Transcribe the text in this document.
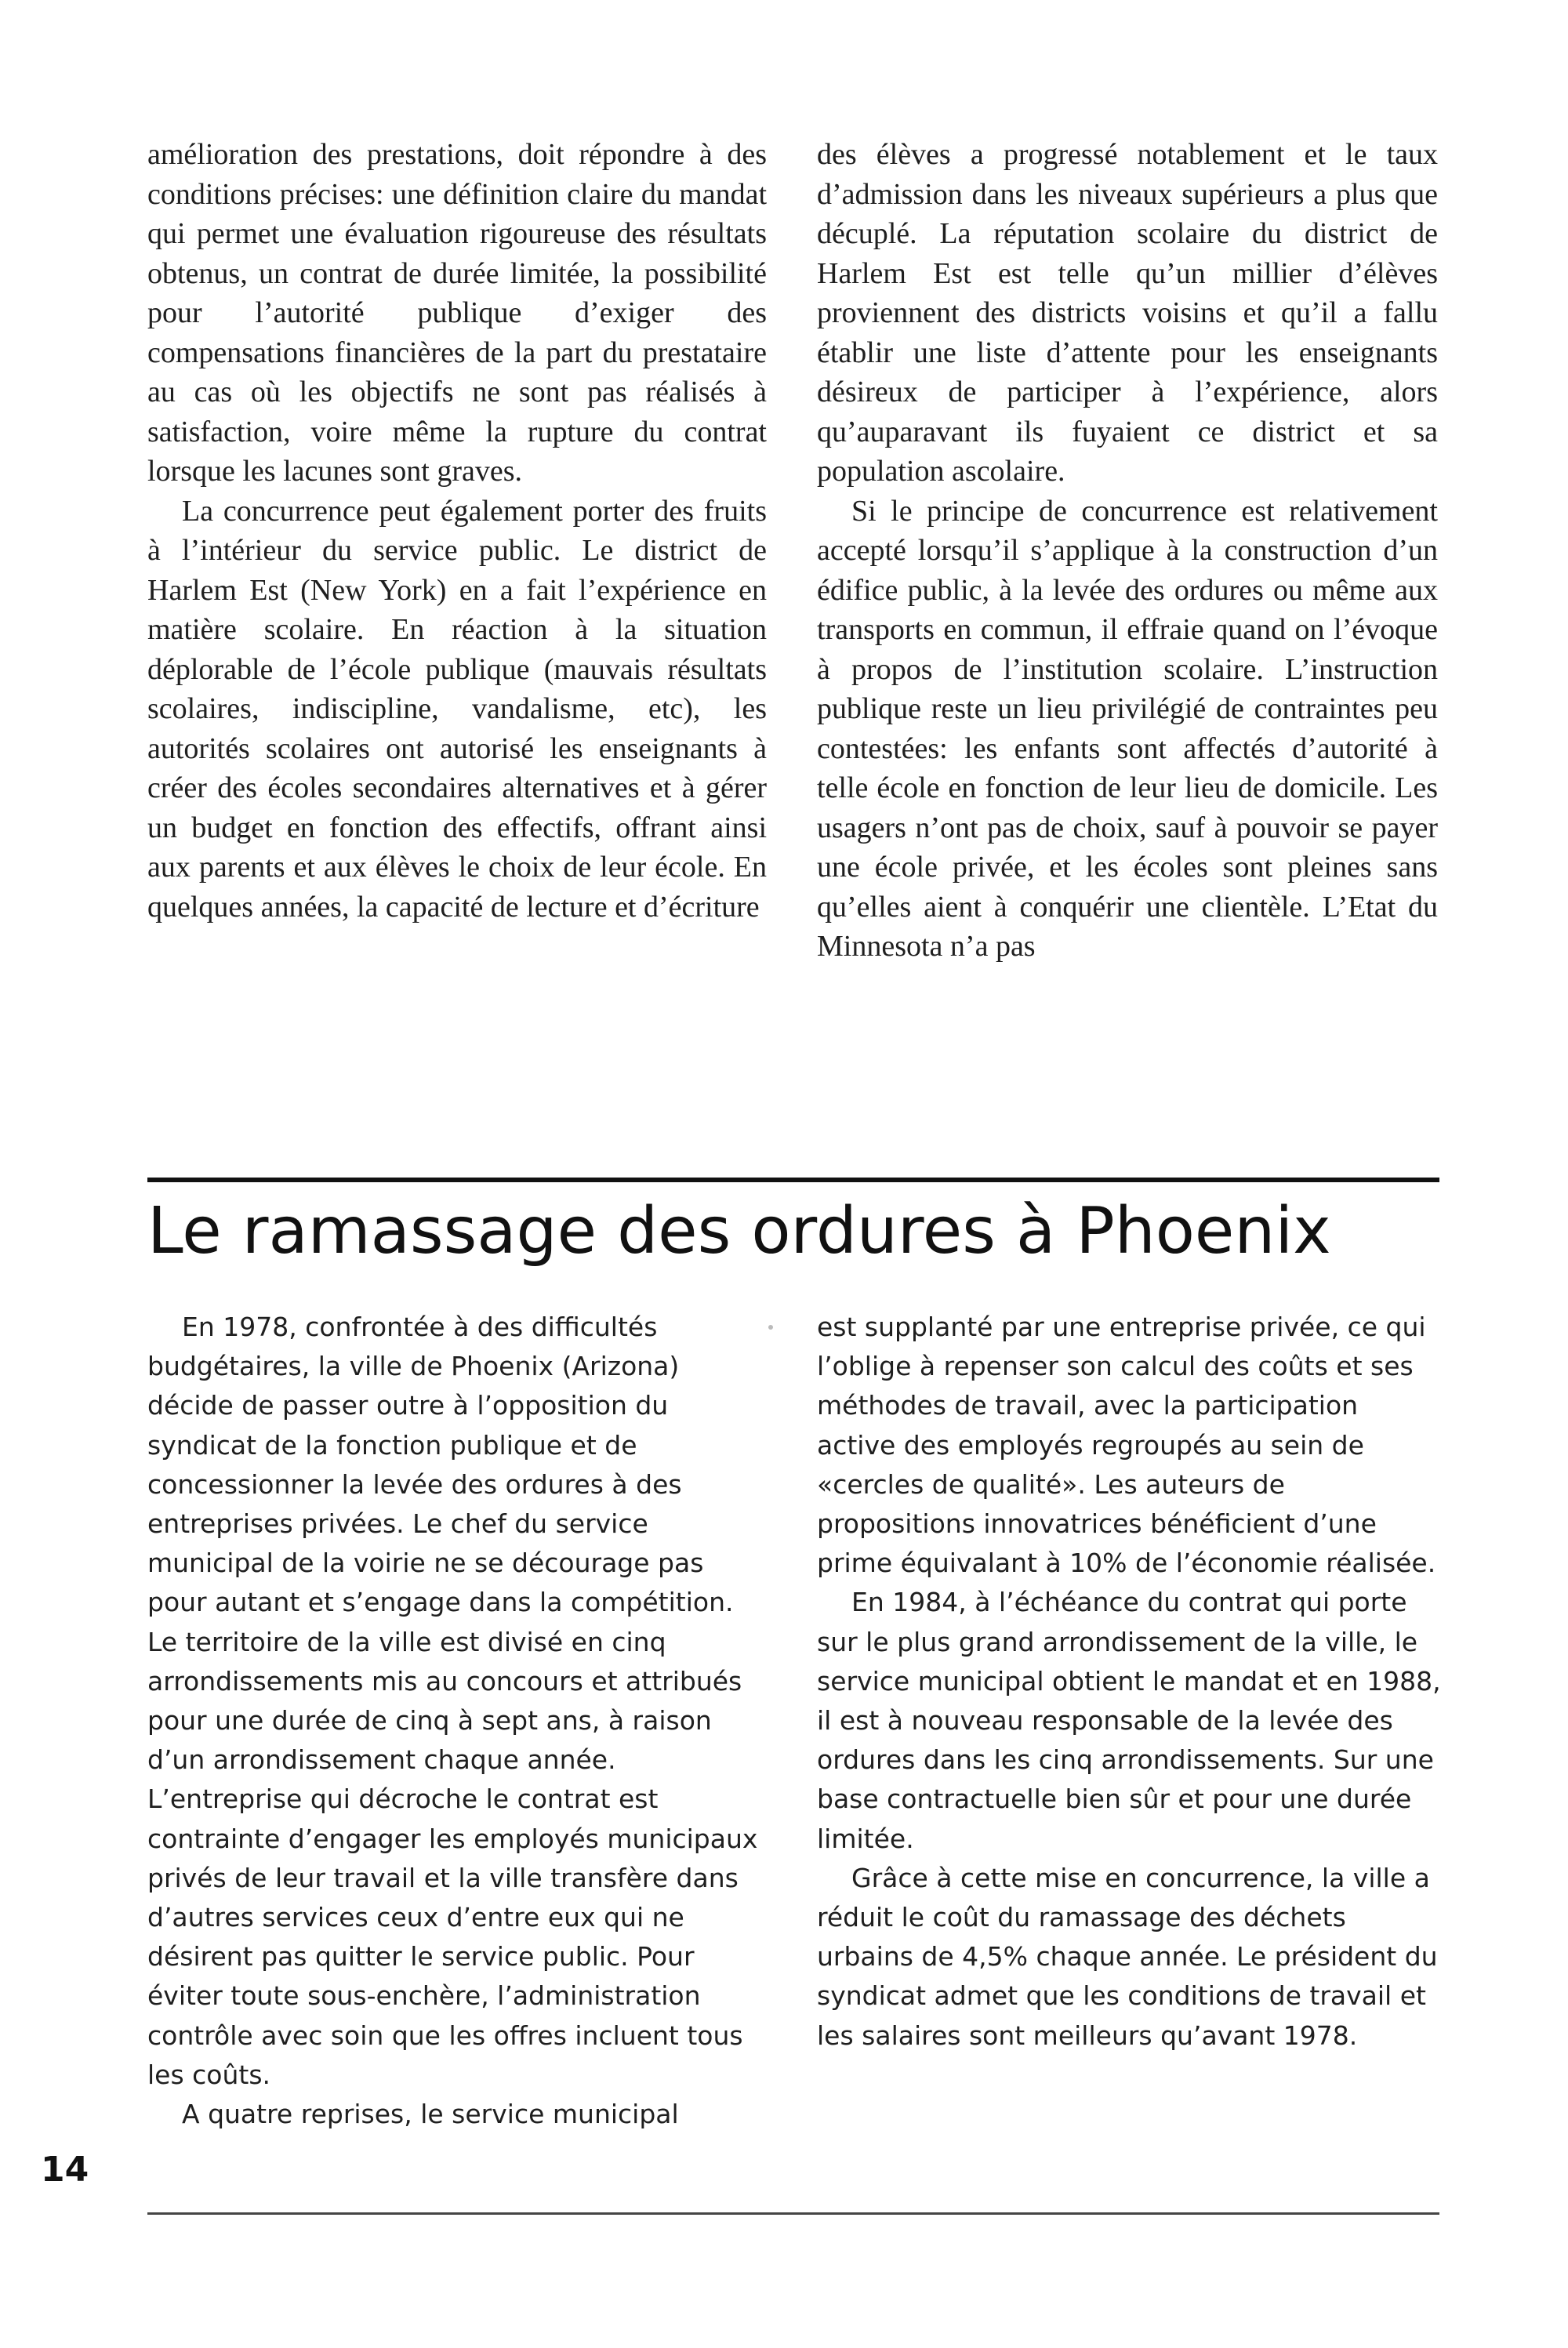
amélioration des prestations, doit répondre à des conditions précises: une définition claire du mandat qui permet une évaluation rigoureuse des résultats obtenus, un contrat de durée limitée, la possibilité pour l’autorité publique d’exiger des compensations financières de la part du prestataire au cas où les objectifs ne sont pas réalisés à satisfaction, voire même la rupture du contrat lorsque les lacunes sont graves.

La concurrence peut également porter des fruits à l’intérieur du service public. Le district de Harlem Est (New York) en a fait l’expérience en matière scolaire. En réaction à la situation déplorable de l’école publique (mauvais résultats scolaires, indiscipline, vandalisme, etc), les autorités scolaires ont autorisé les enseignants à créer des écoles secondaires alternatives et à gérer un budget en fonction des effectifs, offrant ainsi aux parents et aux élèves le choix de leur école. En quelques années, la capacité de lecture et d’écriture

des élèves a progressé notablement et le taux d’admission dans les niveaux supérieurs a plus que décuplé. La réputation scolaire du district de Harlem Est est telle qu’un millier d’élèves proviennent des districts voisins et qu’il a fallu établir une liste d’attente pour les enseignants désireux de participer à l’expérience, alors qu’auparavant ils fuyaient ce district et sa population ascolaire.

Si le principe de concurrence est relativement accepté lorsqu’il s’applique à la construction d’un édifice public, à la levée des ordures ou même aux transports en commun, il effraie quand on l’évoque à propos de l’institution scolaire. L’instruction publique reste un lieu privilégié de contraintes peu contestées: les enfants sont affectés d’autorité à telle école en fonction de leur lieu de domicile. Les usagers n’ont pas de choix, sauf à pouvoir se payer une école privée, et les écoles sont pleines sans qu’elles aient à conquérir une clientèle. L’Etat du Minnesota n’a pas

Le ramassage des ordures à Phoenix

En 1978, confrontée à des difficultés budgétaires, la ville de Phoenix (Arizona) décide de passer outre à l’opposition du syndicat de la fonction publique et de concessionner la levée des ordures à des entreprises privées. Le chef du service municipal de la voirie ne se décourage pas pour autant et s’engage dans la compétition. Le territoire de la ville est divisé en cinq arrondissements mis au concours et attribués pour une durée de cinq à sept ans, à raison d’un arrondissement chaque année. L’entreprise qui décroche le contrat est contrainte d’engager les employés municipaux privés de leur travail et la ville transfère dans d’autres services ceux d’entre eux qui ne désirent pas quitter le service public. Pour éviter toute sous-enchère, l’administration contrôle avec soin que les offres incluent tous les coûts.

A quatre reprises, le service municipal

est supplanté par une entreprise privée, ce qui l’oblige à repenser son calcul des coûts et ses méthodes de travail, avec la participation active des employés regroupés au sein de «cercles de qualité». Les auteurs de propositions innovatrices bénéficient d’une prime équivalant à 10% de l’économie réalisée.

En 1984, à l’échéance du contrat qui porte sur le plus grand arrondissement de la ville, le service municipal obtient le mandat et en 1988, il est à nouveau responsable de la levée des ordures dans les cinq arrondissements. Sur une base contractuelle bien sûr et pour une durée limitée.

Grâce à cette mise en concurrence, la ville a réduit le coût du ramassage des déchets urbains de 4,5% chaque année. Le président du syndicat admet que les conditions de travail et les salaires sont meilleurs qu’avant 1978.

14
